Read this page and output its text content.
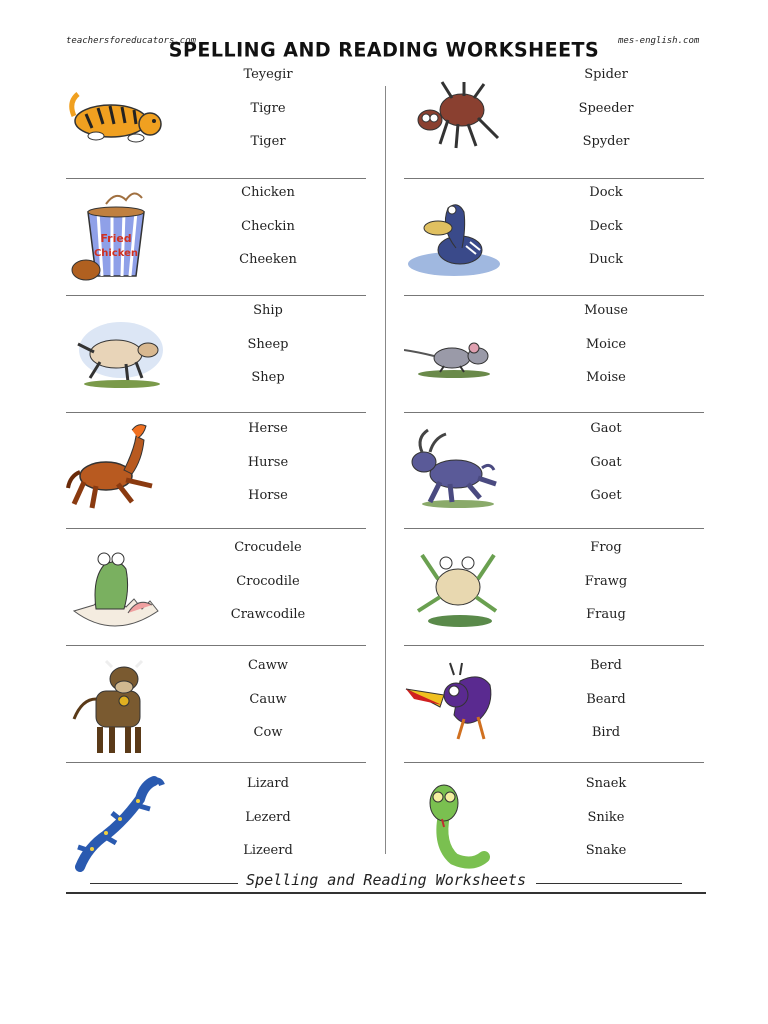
teachersforeducators.com
SPELLING AND READING WORKSHEETS	mes-english.com
Teyegir
Tigre
Tiger
Fried
Chicken
Chicken
Checkin
Cheeken
Ship
Sheep
Shep
Herse
Hurse
Horse
Crocudele
Crocodile
Crawcodile
Caww
Cauw
Cow
Lizard
Lezerd
Lizeerd
Spider
Speeder
Spyder
Dock
Deck
Duck
Mouse
Moice
Moise
Gaot
Goat
Goet
Frog
Frawg
Fraug
Berd
Beard
Bird
Snaek
Snike
Snake
Spelling and Reading Worksheets
